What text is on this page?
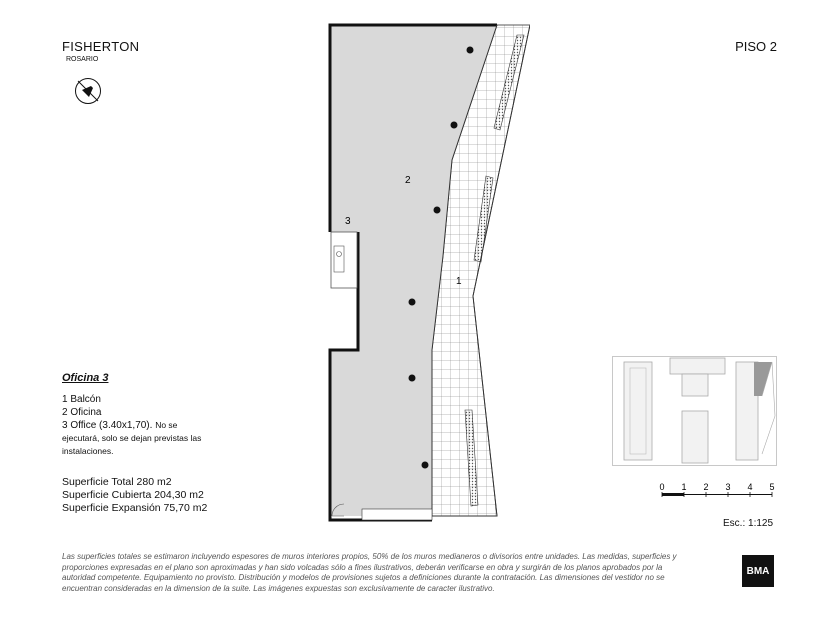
FISHERTON
ROSARIO
PISO 2
Oficina 3
1 Balcón
2 Oficina
3 Office (3.40x1,70). No se ejecutará, solo se dejan previstas las instalaciones.
Superficie Total 280 m2
Superficie Cubierta 204,30 m2
Superficie Expansión 75,70 m2
1
2
3
0 1 2 3 4 5
Esc.: 1:125
Las superficies totales se estimaron incluyendo espesores de muros interiores propios, 50% de los muros medianeros o divisorios entre unidades. Las medidas, superficies y proporciones expresadas en el plano son aproximadas y han sido volcadas sólo a fines ilustrativos, deberán verificarse en obra y surgirán de los planos aprobados por la autoridad competente. Equipamiento no provisto. Distribución y modelos de provisiones sujetos a definiciones durante la contratación. Las dimensiones del vestidor no se encuentran consideradas en la dimension de la suite. Las imágenes expuestas son exclusivamente de caracter ilustrativo.
BMA
